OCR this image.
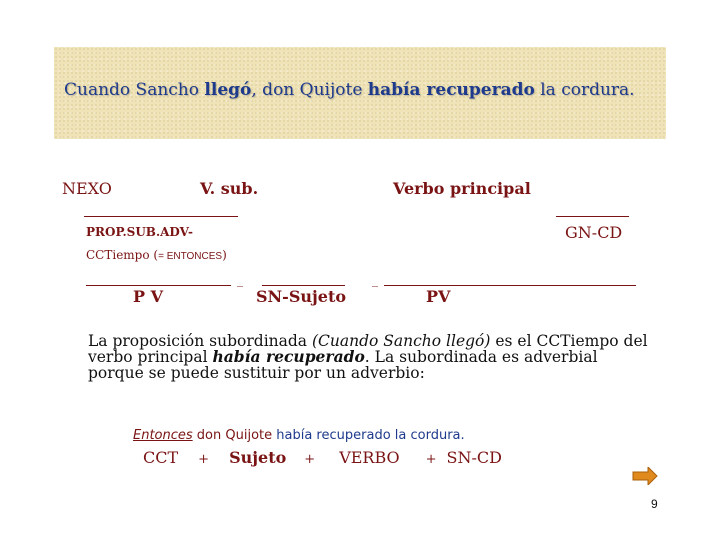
Cuando Sancho llegó, don Quijote había recuperado la cordura.
NEXO	V. sub.	Verbo principal
PROP.SUB.ADV-	GN-CD
CCTiempo (= ENTONCES)
_	_
P V	SN-Sujeto	PV
La proposición subordinada (Cuando Sancho llegó) es el CCTiempo del verbo principal había recuperado. La subordinada es adverbial porque se puede sustituir por un adverbio:
Entonces don Quijote había recuperado la cordura.
CCT + Sujeto + VERBO + SN-CD
9
